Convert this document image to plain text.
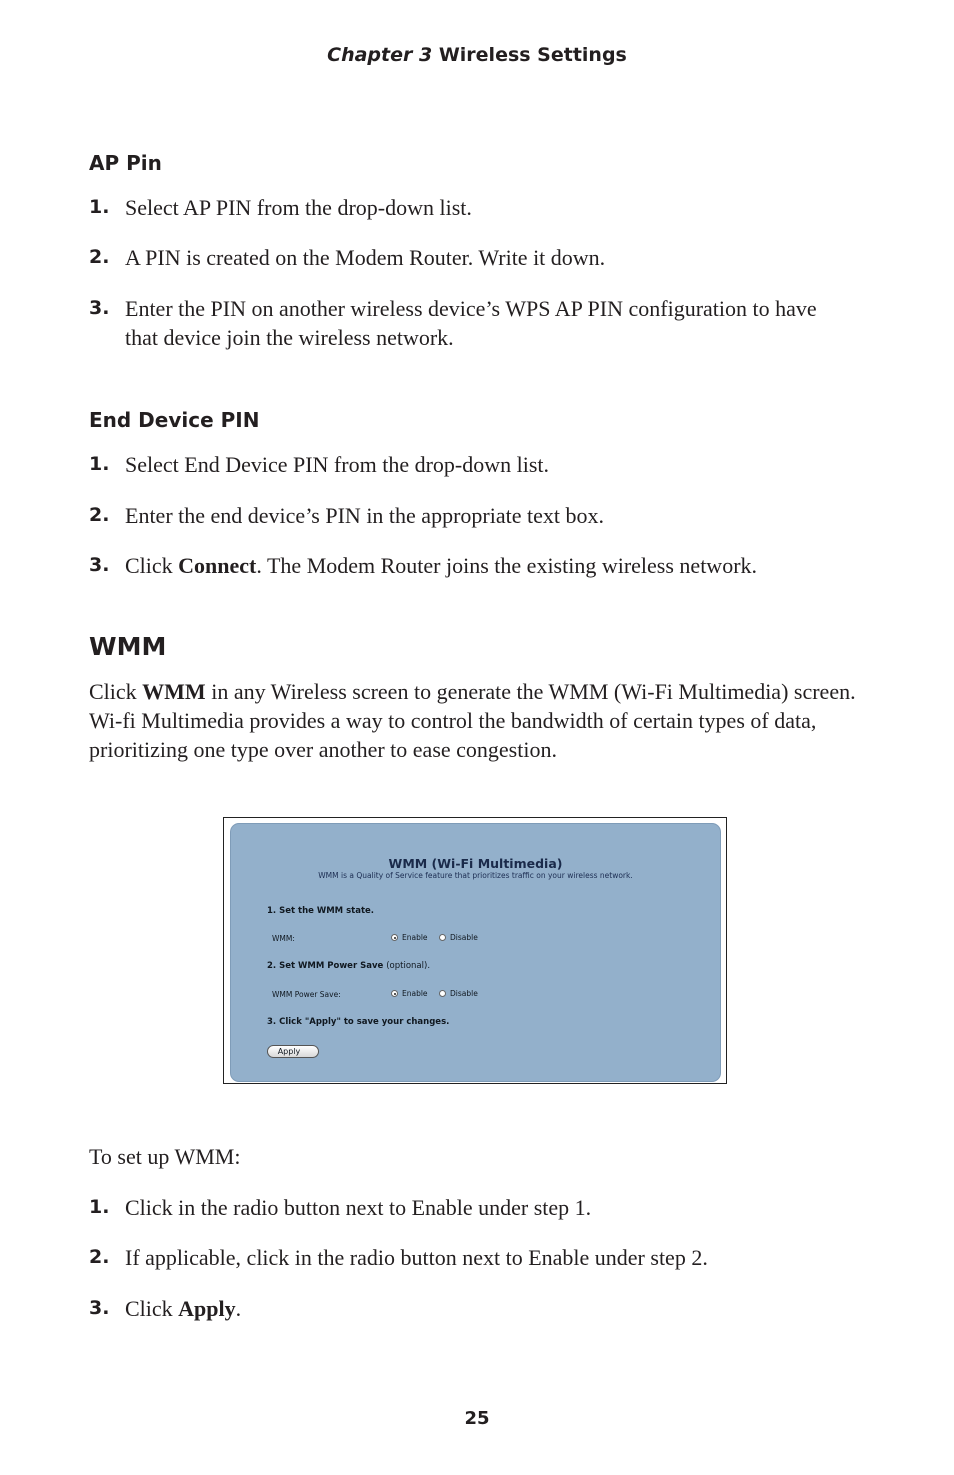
Chapter 3 Wireless Settings
AP Pin
1. Select AP PIN from the drop-down list.
2. A PIN is created on the Modem Router. Write it down.
3. Enter the PIN on another wireless device’s WPS AP PIN configuration to have that device join the wireless network.
End Device PIN
1. Select End Device PIN from the drop-down list.
2. Enter the end device’s PIN in the appropriate text box.
3. Click Connect. The Modem Router joins the existing wireless network.
WMM
Click WMM in any Wireless screen to generate the WMM (Wi-Fi Multimedia) screen. Wi-fi Multimedia provides a way to control the bandwidth of certain types of data, prioritizing one type over another to ease congestion.
WMM (Wi-Fi Multimedia)
WMM is a Quality of Service feature that prioritizes traffic on your wireless network.
1. Set the WMM state.
WMM:	Enable	Disable
2. Set WMM Power Save (optional).
WMM Power Save:	Enable	Disable
3. Click "Apply" to save your changes.
Apply
To set up WMM:
1. Click in the radio button next to Enable under step 1.
2. If applicable, click in the radio button next to Enable under step 2.
3. Click Apply.
25
